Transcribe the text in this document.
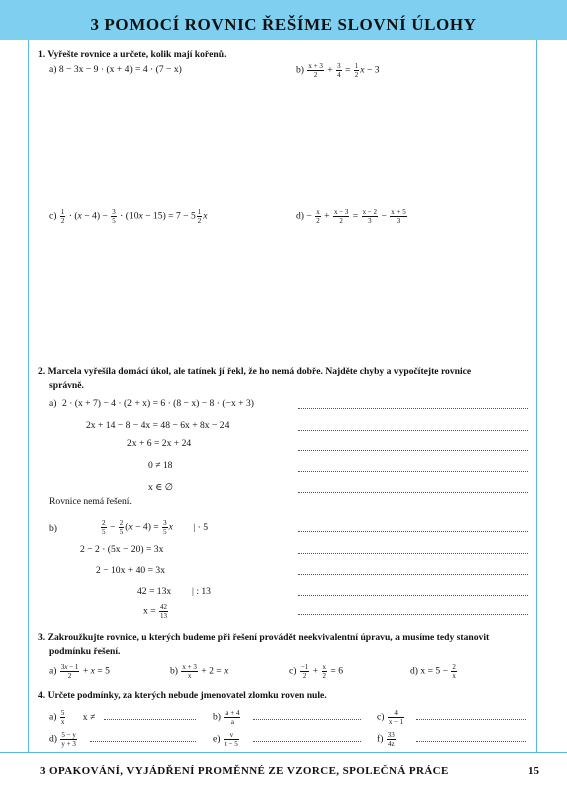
3 POMOCÍ ROVNIC ŘEŠÍME SLOVNÍ ÚLOHY
1. Vyřešte rovnice a určete, kolik mají kořenů.
a) 8 − 3x − 9 · (x + 4) = 4 · (7 − x)	$b) \frac{x + 3}{2} + \frac{3}{4} = \frac{1}{2}$ x − 3
$c) \frac{1}{2} \cdot (x - 4) - \frac{3}{5} \cdot (10x - 15) = 7 - 5 \frac{1}{2}$ x	$d) - \frac{x}{2} + \frac{x - 3}{2} = \frac{x - 2}{3} - \frac{x + 5}{3}$
2. Marcela vyřešila domácí úkol, ale tatínek jí řekl, že ho nemá dobře. Najděte chyby a vypočítejte rovnice
správně.
a) 2 · (x + 7) − 4 · (2 + x) = 6 · (8 − x) − 8 · (−x + 3)
2x + 14 − 8 − 4x = 48 − 6x + 8x − 24
2x + 6 = 2x + 24
0 ≠ 18
x ∈ ∅
Rovnice nemá řešení.
b)	$\frac{2}{5} - \frac{2}{5} (x - 4) = \frac{3}{5}$ x | · 5
2 − 2 · (5x − 20) = 3x
2 − 10x + 40 = 3x
42 = 13x | : 13
$x = \frac{42}{13}$
3. Zakroužkujte rovnice, u kterých budeme při řešení provádět neekvivalentní úpravu, a musíme tedy stanovit
podmínku řešení.
$a) \frac{3x - 1}{2} + x = 5$	$b) \frac{x + 3}{x} + 2 = x$	$c) \frac{-1}{2} + \frac{x}{2} = 6$	d) $x = 5 - \frac{2}{x}$
4. Určete podmínky, za kterých nebude jmenovatel zlomku roven nule.
$a) \frac{5}{x}$ x ≠	$b) \frac{a + 4}{a}$	$c) \frac{4}{x - 1}$
$d) \frac{5 - y}{y + 3}$	$e) \frac{v}{t - 5}$	$f) \frac{33}{4z}$
3 OPAKOVÁNÍ, VYJÁDŘENÍ PROMĚNNÉ ZE VZORCE, SPOLEČNÁ PRÁCE	15
